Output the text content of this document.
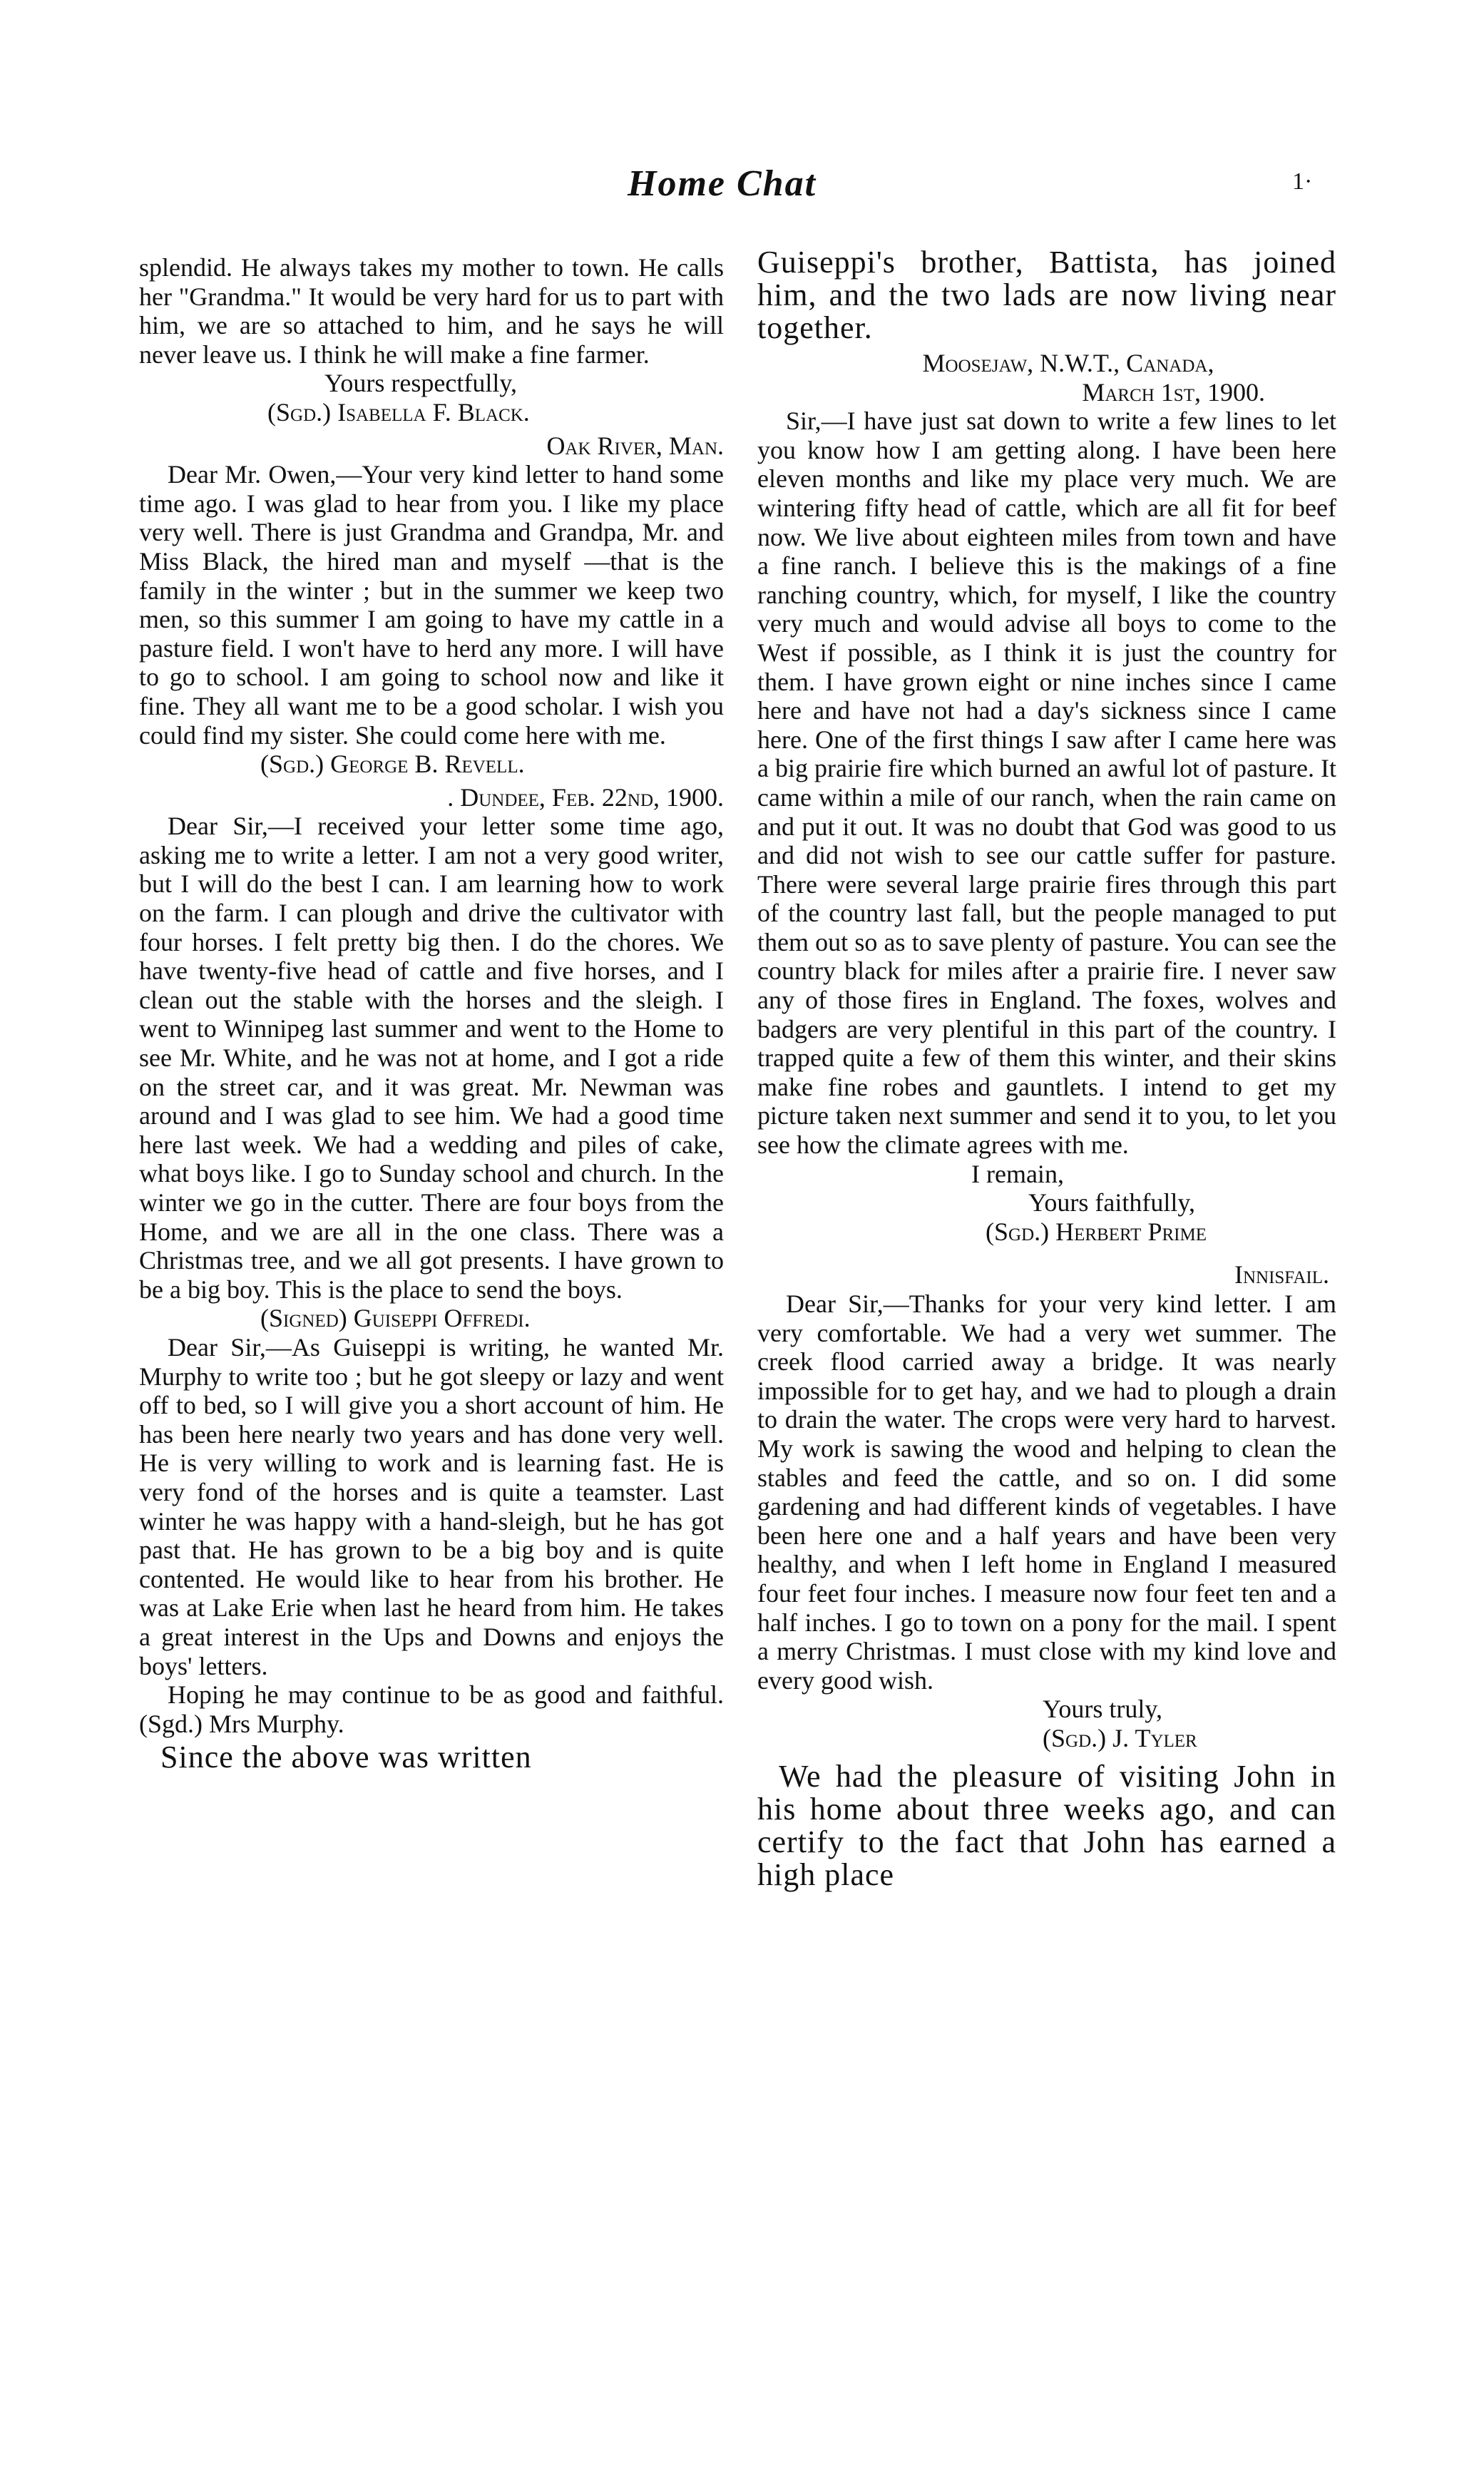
Home Chat	1·

splendid. He always takes my mother to town. He calls her "Grandma." It would be very hard for us to part with him, we are so attached to him, and he says he will never leave us. I think he will make a fine farmer.

Yours respectfully,

(Sgd.) Isabella F. Black.

Oak River, Man.

Dear Mr. Owen,—Your very kind letter to hand some time ago. I was glad to hear from you. I like my place very well. There is just Grandma and Grandpa, Mr. and Miss Black, the hired man and myself —that is the family in the winter ; but in the summer we keep two men, so this summer I am going to have my cattle in a pasture field. I won't have to herd any more. I will have to go to school. I am going to school now and like it fine. They all want me to be a good scholar. I wish you could find my sister. She could come here with me.

(Sgd.) George B. Revell.

. Dundee, Feb. 22nd, 1900.

Dear Sir,—I received your letter some time ago, asking me to write a letter. I am not a very good writer, but I will do the best I can. I am learning how to work on the farm. I can plough and drive the cultivator with four horses. I felt pretty big then. I do the chores. We have twenty-five head of cattle and five horses, and I clean out the stable with the horses and the sleigh. I went to Winnipeg last summer and went to the Home to see Mr. White, and he was not at home, and I got a ride on the street car, and it was great. Mr. Newman was around and I was glad to see him. We had a good time here last week. We had a wedding and piles of cake, what boys like. I go to Sunday school and church. In the winter we go in the cutter. There are four boys from the Home, and we are all in the one class. There was a Christmas tree, and we all got presents. I have grown to be a big boy. This is the place to send the boys.

(Signed) Guiseppi Offredi.

Dear Sir,—As Guiseppi is writing, he wanted Mr. Murphy to write too ; but he got sleepy or lazy and went off to bed, so I will give you a short account of him. He has been here nearly two years and has done very well. He is very willing to work and is learning fast. He is very fond of the horses and is quite a teamster. Last winter he was happy with a hand-sleigh, but he has got past that. He has grown to be a big boy and is quite contented. He would like to hear from his brother. He was at Lake Erie when last he heard from him. He takes a great interest in the Ups and Downs and enjoys the boys' letters.

Hoping he may continue to be as good and faithful. (Sgd.) Mrs Murphy.

Since the above was written

Guiseppi's brother, Battista, has joined him, and the two lads are now living near together.

Moosejaw, N.W.T., Canada,

March 1st, 1900.

Sir,—I have just sat down to write a few lines to let you know how I am getting along. I have been here eleven months and like my place very much. We are wintering fifty head of cattle, which are all fit for beef now. We live about eighteen miles from town and have a fine ranch. I believe this is the makings of a fine ranching country, which, for myself, I like the country very much and would advise all boys to come to the West if possible, as I think it is just the country for them. I have grown eight or nine inches since I came here and have not had a day's sickness since I came here. One of the first things I saw after I came here was a big prairie fire which burned an awful lot of pasture. It came within a mile of our ranch, when the rain came on and put it out. It was no doubt that God was good to us and did not wish to see our cattle suffer for pasture. There were several large prairie fires through this part of the country last fall, but the people managed to put them out so as to save plenty of pasture. You can see the country black for miles after a prairie fire. I never saw any of those fires in England. The foxes, wolves and badgers are very plentiful in this part of the country. I trapped quite a few of them this winter, and their skins make fine robes and gauntlets. I intend to get my picture taken next summer and send it to you, to let you see how the climate agrees with me.

I remain,

Yours faithfully,

(Sgd.) Herbert Prime

Innisfail.

Dear Sir,—Thanks for your very kind letter. I am very comfortable. We had a very wet summer. The creek flood carried away a bridge. It was nearly impossible for to get hay, and we had to plough a drain to drain the water. The crops were very hard to harvest. My work is sawing the wood and helping to clean the stables and feed the cattle, and so on. I did some gardening and had different kinds of vegetables. I have been here one and a half years and have been very healthy, and when I left home in England I measured four feet four inches. I measure now four feet ten and a half inches. I go to town on a pony for the mail. I spent a merry Christmas. I must close with my kind love and every good wish.

Yours truly,

(Sgd.) J. Tyler

We had the pleasure of visiting John in his home about three weeks ago, and can certify to the fact that John has earned a high place
